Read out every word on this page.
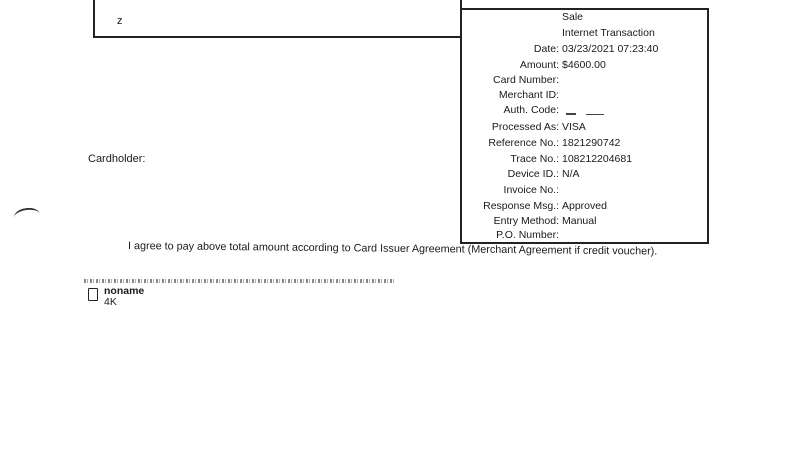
z	Sale
Internet Transaction
Date: 03/23/2021 07:23:40
Amount: $4600.00
Card Number:
Merchant ID:
Auth. Code:
Processed As: VISA
Reference No.: 1821290742
Trace No.: 108212204681
Device ID.: N/A
Invoice No.:
Response Msg.: Approved
Entry Method: Manual
P.O. Number:
Cardholder:
I agree to pay above total amount according to Card Issuer Agreement (Merchant Agreement if credit voucher).
noname
4K
